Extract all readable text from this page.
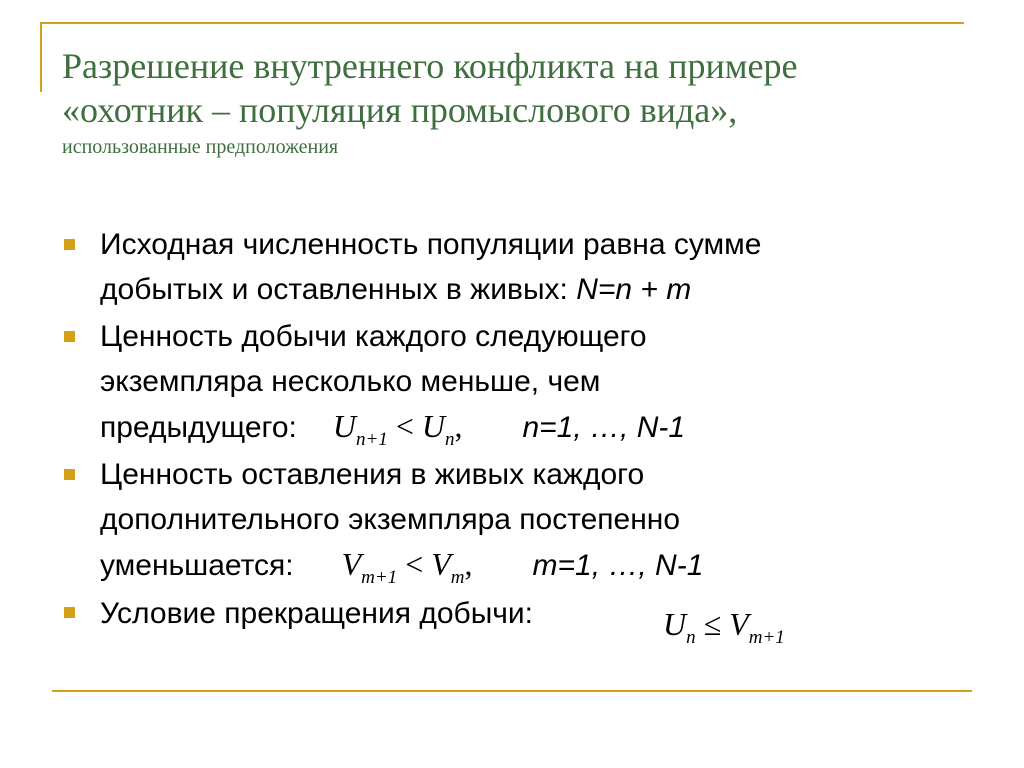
Разрешение внутреннего конфликта на примере
«охотник – популяция промыслового вида»,
использованные предположения
Исходная численность популяции равна сумме
добытых и оставленных в живых: N=n + m
Ценность добычи каждого следующего
экземпляра несколько меньше, чем
предыдущего: $U_{n+1} < U_n$, n=1, …, N-1
Ценность оставления в живых каждого
дополнительного экземпляра постепенно
уменьшается: $V_{m+1} < V_m$, m=1, …, N-1
Условие прекращения добычи:	$U_n \le V_{m+1}$
